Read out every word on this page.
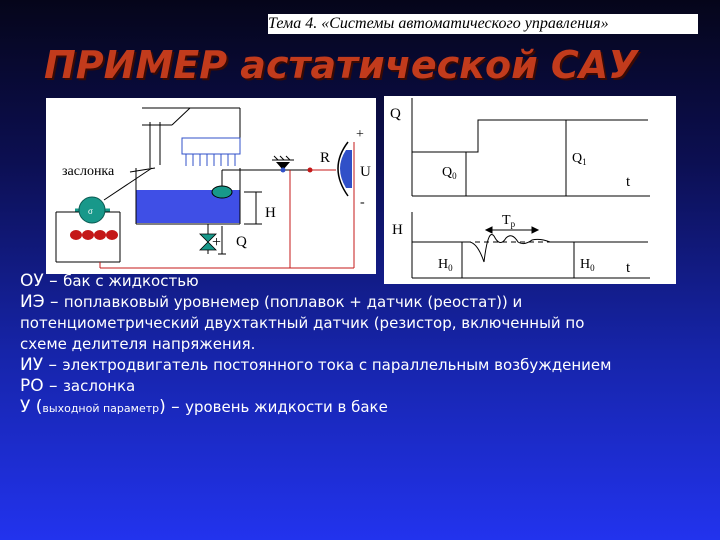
Тема 4. «Системы автоматического управления»
заслонка
σ	H
+ Q
R
+
U
-
Q
t
$Q_0$
$Q_1$
H
t
$T_р$
$H_0$	$H_0$
ПРИМЕР астатической САУ
ОУ – бак с жидкостью
ИЭ – поплавковый уровнемер (поплавок + датчик (реостат)) и
потенциометрический двухтактный датчик (резистор, включенный по
схеме делителя напряжения.
ИУ – электродвигатель постоянного тока с параллельным возбуждением
РО – заслонка
У (выходной параметр) – уровень жидкости в баке
